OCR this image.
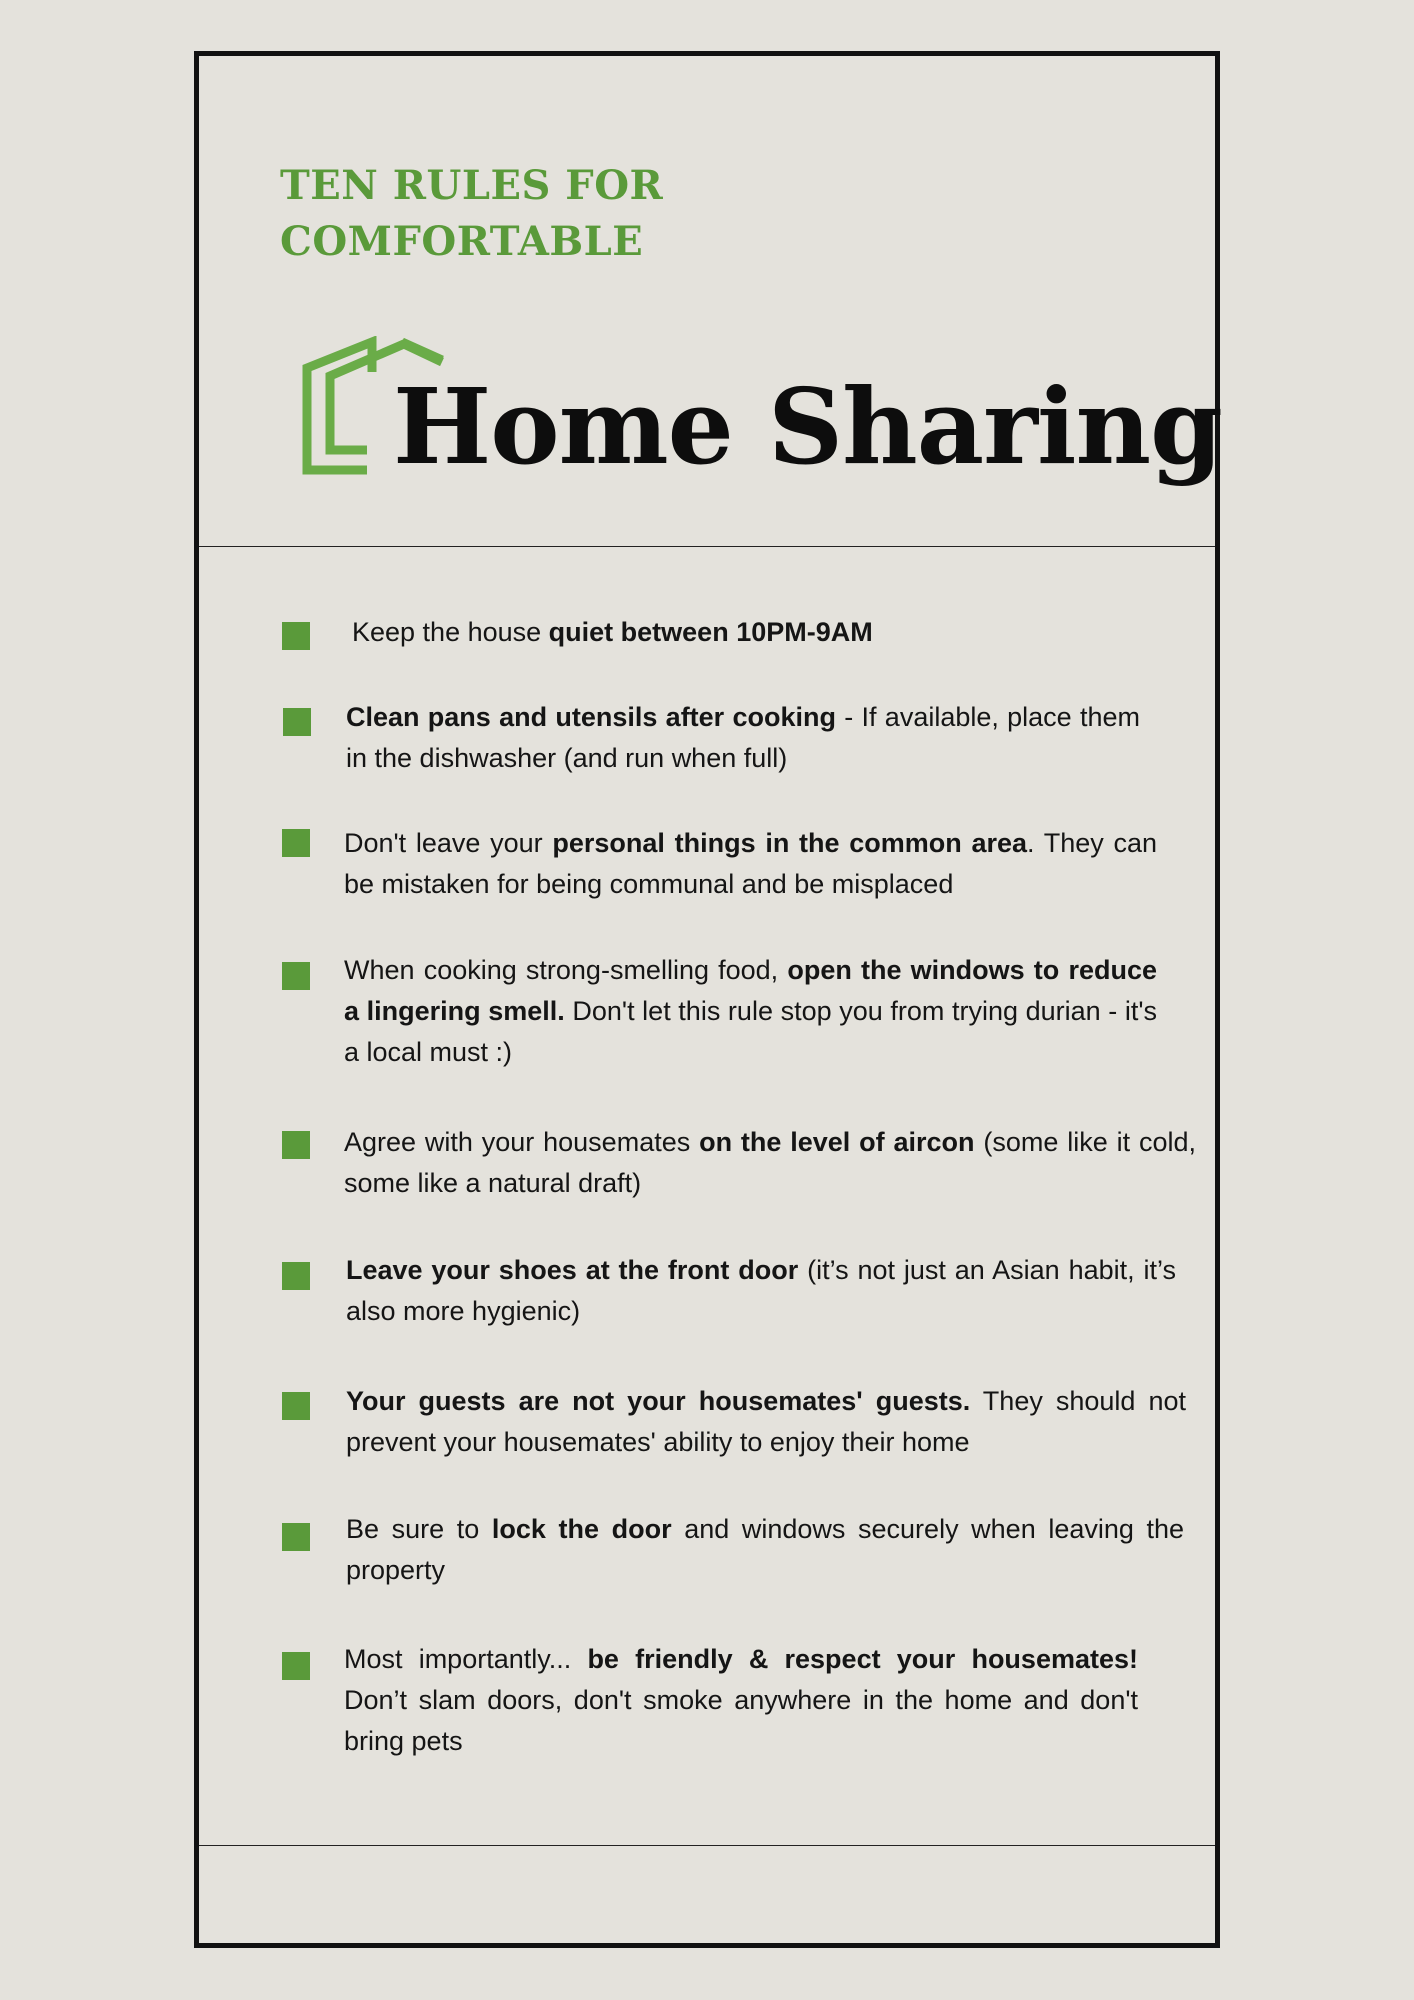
TEN RULES FOR
COMFORTABLE
Home Sharing
Keep the house quiet between 10PM-9AM
Clean pans and utensils after cooking - If available, place them in the dishwasher (and run when full)
Don't leave your personal things in the common area. They can be mistaken for being communal and be misplaced
When cooking strong-smelling food, open the windows to reduce a lingering smell. Don't let this rule stop you from trying durian - it's a local must :)
Agree with your housemates on the level of aircon (some like it cold, some like a natural draft)
Leave your shoes at the front door (it’s not just an Asian habit, it’s also more hygienic)
Your guests are not your housemates' guests. They should not prevent your housemates' ability to enjoy their home
Be sure to lock the door and windows securely when leaving the property
Most importantly... be friendly & respect your housemates! Don’t slam doors, don't smoke anywhere in the home and don't bring pets
